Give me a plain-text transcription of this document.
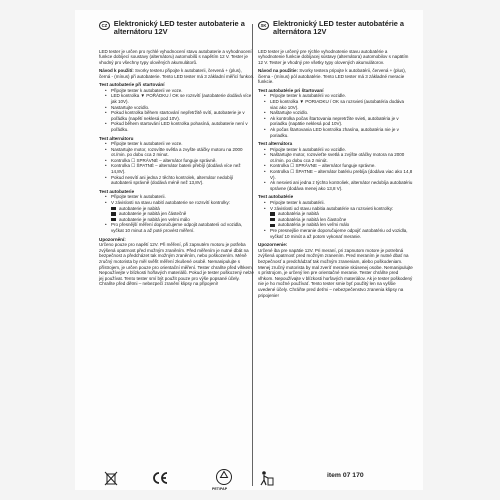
CZ Elektronický LED tester autobaterie a alternátoru 12V

LED tester je určen pro rychlé vyhodnocení stavu autobaterie a vyhodnocení funkce dobíjecí soustavy (alternátoru) automobilů s napětím 12 V. Tester je vhodný pro všechny typy olověných akumulátorů.

Návod k použití: Svorky testeru připojte k autobaterii, červená + (plus), černá - (mínus) při autobaterie. Tento LED tester má 3 základní měřicí funkce.

Test autobaterie při startování
• Připojte tester k autobaterii ve voze.
• LED kontrolka ▼ POŘÁDKU / OK se rozsvítí (autobaterie dodává více jak 10V).
• Nastartujte vozidlo.
• Pokud kontrolka během startování nepřetržitě svítí, autobaterie je v pořádku (napětí neklesá pod 10V).
• Pokud během startování LED kontrolka pohasíná, autobaterie není v pořádku.
Test alternátoru
• Připojte tester k autobaterii ve voze.
• Nastartujte motor, rozsvítte světla a zvyšte otáčky motoru na 2000 ot./min. po dobu cca 2 minut.
• Kontrolka ☐ SPRÁVNÉ – alternátor funguje správně.
• Kontrolka ☐ ŠPATNÉ – alternátor baterii přebíjí (dodává více než 14,8V).
• Pokud nesvítí ani jedna z těchto kontrolek, alternátor nedobíjí autobaterii správně (dodává méně než 13,8V).
Test autobaterie
• Připojte tester k autobaterii.
• V závislosti na stavu nabití autobaterie se rozsvítí kontrolky:
autobaterie je nabitá
autobaterie je nabitá jen částečně
autobaterie je nabitá jen velmi málo
• Pro přesnější měření doporučujeme odpojit autobaterii od vozidla, vyčkat 10 minut a až poté provést měření.
Upozornění:

Určeno pouze pro napětí 12V. Při měření, při zapnutém motoru je potřeba zvýšená opatrnost před možným zraněním. Před měřením je nutné dbát na bezpečnost a předcházet tak možným zraněním, nebo poškozením. Méně zručný motorista by měl svěřit měření zkušené osobě. Nemanipulujte s přístrojem, je určen pouze pro orientační měření. Tester chraňte před vlhkem. Nepoužívejte v blízkosti hořlavých materiálů. Pokud je tester poškozený nelze jej používat. Tento tester smí být použit pouze pro výše popsané účely. Chraňte před dětmi – nebezpečí zranění klipsy na připojení!

SK Elektronický LED tester autobatérie a alternátora 12V

LED tester je určený pre rýchle vyhodnotenie stavu autobatérie a vyhodnotenie funkcie dobíjacej sústavy (alternátora) automobilov s napätím 12 V. Tester je vhodný pre všetky typy olovených akumulátorov.

Návod na použitie: Svorky testera pripojte k autobatérii, červená + (plus), čierna - (mínus) pól autobatérie. Tento LED tester má 3 základné meracie funkcie.

Test autobatérie pri štartovaní
• Pripojte tester k autobatérii vo vozidle.
• LED kontrolka ▼ PORIADKU / OK sa rozsvieti (autobatéria dodáva viac ako 10V).
• Naštartujte vozidlo.
• Ak kontrolka počas štartovania nepretržite svieti, autobatéria je v poriadku (napätie neklesá pod 10V).
• Ak počas štartovania LED kontrolka zhasína, autobatéria nie je v poriadku.
Test alternátora
• Pripojte tester k autobatérii vo vozidle.
• Naštartujte motor, rozsvieťte svetlá a zvýšte otáčky motora na 2000 ot./min. po dobu cca 2 minút.
• Kontrolka ☐ SPRÁVNE – alternátor funguje správne.
• Kontrolka ☐ ŠPATNE – alternátor batériu prebíja (dodáva viac ako 14,8 V).
• Ak nesvieti ani jedna z týchto kontroliek, alternátor nedobíja autobatériu správne (dodáva menej ako 13,8 V).
Test autobatérie
• Pripojte tester k autobatérii.
• V závislosti od stavu nabitia autobatérie sa rozsvieti kontrolky:
autobatéria je nabitá
autobatéria je nabitá len čiastočne
autobatéria je nabitá len veľmi málo
• Pre presnejšie meranie doporučujeme odpojiť autobatériu od vozidla, vyčkať 10 minút a až potom vykonať meranie.
Upozornenie:

Určené iba pre napätie 12V. Pri meraní, pri zapnutom motore je potrebná zvýšená opatrnosť pred možným zranením. Pred meraním je nutné dbať na bezpečnosť a predchádzať tak možným zraneniam, alebo poškodeniam. Menej zručný motorista by mal zveriť meranie skúsenej osobe. Nemanipulujte s prístrojom, je určený len pre orientačné meranie. Tester chráňte pred vlhkom. Nepoužívajte v blízkosti horľavých materiálov. Ak je tester poškodený nie je ho možné používať. Tento tester smie byť použitý len na vyššie uvedené účely. Chráňte pred deťmi – nebezpečenstvo zranenia klipsy na pripojenie!

PET/PAP
item 07 170
